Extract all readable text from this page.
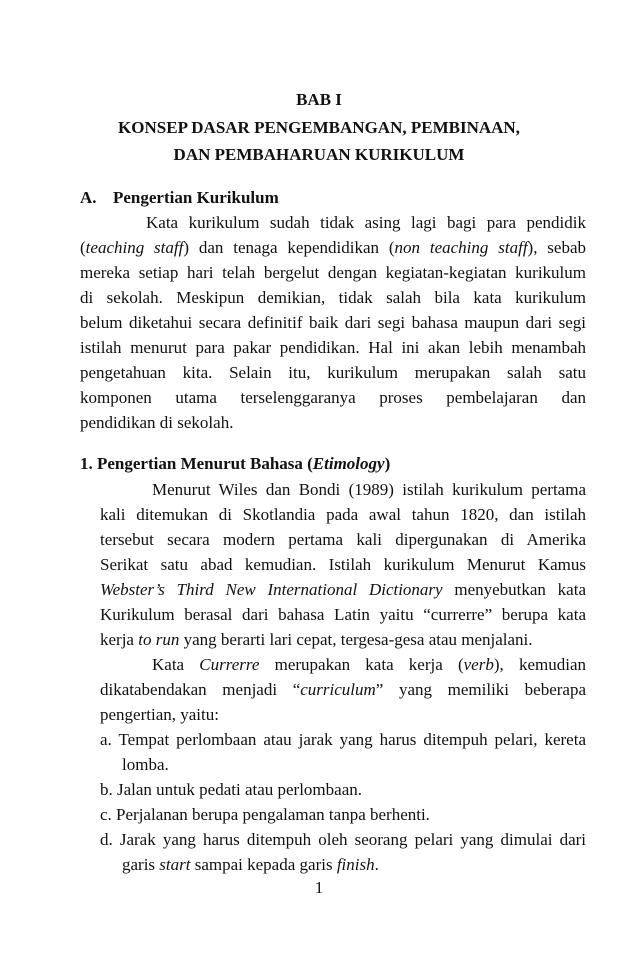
BAB I
KONSEP DASAR PENGEMBANGAN, PEMBINAAN,
DAN PEMBAHARUAN KURIKULUM
A. Pengertian Kurikulum
Kata kurikulum sudah tidak asing lagi bagi para pendidik
(teaching staff) dan tenaga kependidikan (non teaching staff), sebab
mereka setiap hari telah bergelut dengan kegiatan-kegiatan kurikulum
di sekolah. Meskipun demikian, tidak salah bila kata kurikulum
belum diketahui secara definitif baik dari segi bahasa maupun dari segi
istilah menurut para pakar pendidikan. Hal ini akan lebih menambah
pengetahuan kita. Selain itu, kurikulum merupakan salah satu
komponen utama terselenggaranya proses pembelajaran dan
pendidikan di sekolah.
1. Pengertian Menurut Bahasa (Etimology)
Menurut Wiles dan Bondi (1989) istilah kurikulum pertama
kali ditemukan di Skotlandia pada awal tahun 1820, dan istilah
tersebut secara modern pertama kali dipergunakan di Amerika
Serikat satu abad kemudian. Istilah kurikulum Menurut Kamus
Webster’s Third New International Dictionary menyebutkan kata
Kurikulum berasal dari bahasa Latin yaitu “currerre” berupa kata
kerja to run yang berarti lari cepat, tergesa-gesa atau menjalani.
Kata Currerre merupakan kata kerja (verb), kemudian
dikatabendakan menjadi “curriculum” yang memiliki beberapa
pengertian, yaitu:
a. Tempat perlombaan atau jarak yang harus ditempuh pelari, kereta
lomba.
b. Jalan untuk pedati atau perlombaan.
c. Perjalanan berupa pengalaman tanpa berhenti.
d. Jarak yang harus ditempuh oleh seorang pelari yang dimulai dari
garis start sampai kepada garis finish.
1
